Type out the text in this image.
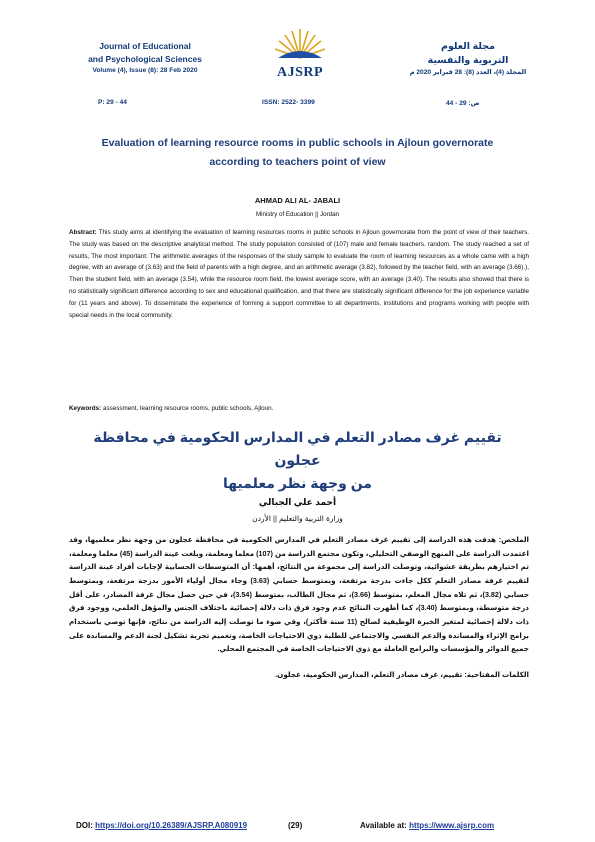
Journal of Educational
and Psychological Sciences
Volume (4), Issue (8): 28 Feb 2020
P: 29 - 44
AJSRP
ISSN: 2522- 3399
مجلة العلوم
التربوية والنفسية
المجلد (4)، العدد (8): 28 فبراير 2020 م
ص: 29 - 44
Evaluation of learning resource rooms in public schools in Ajloun governorate
according to teachers point of view
AHMAD ALI AL- JABALI
Ministry of Education || Jordan
Abstract: This study aims at identifying the evaluation of learning resources rooms in public schools in Ajloun governorate from the point of view of their teachers. The study was based on the descriptive analytical method. The study population consisted of (107) male and female teachers. random. The study reached a set of results, The most important: The arithmetic averages of the responses of the study sample to evaluate the room of learning resources as a whole came with a high degree, with an average of (3.63) and the field of parents with a high degree, and an arithmetic average (3.82), followed by the teacher field, with an average (3.66).), Then the student field, with an average (3.54), while the resource room field, the lowest average score, with an average (3.40). The results also showed that there is no statistically significant difference according to sex and educational qualification, and that there are statistically significant difference for the job experience variable for (11 years and above). To disseminate the experience of forming a support committee to all departments, institutions and programs working with people with special needs in the local community.
Keywords: assessment, learning resource rooms, public schools, Ajloun.
تقييم غرف مصادر التعلم في المدارس الحكومية في محافظة عجلون
من وجهة نظر معلميها
أحمد علي الجبالي
وزارة التربية والتعليم || الأردن
الملخص: هدفت هذه الدراسة إلى تقييم غرف مصادر التعلم في المدارس الحكومية في محافظة عجلون من وجهة نظر معلميها، وقد اعتمدت الدراسة على المنهج الوصفي التحليلي، وتكون مجتمع الدراسة من (107) معلما ومعلمة، وبلغت عينة الدراسة (45) معلما ومعلمة، تم اختيارهم بطريقة عشوائية، وتوصلت الدراسة إلى مجموعة من النتائج، أهمها: أن المتوسطات الحسابية لإجابات أفراد عينة الدراسة لتقييم غرفة مصادر التعلم ككل جاءت بدرجة مرتفعة، وبمتوسط حسابي (3.63) وجاء مجال أولياء الأمور بدرجة مرتفعة، وبمتوسط حسابي (3.82)، ثم تلاه مجال المعلم، بمتوسط (3.66)، ثم مجال الطالب، بمتوسط (3.54)، في حين حصل مجال غرفة المصادر، على أقل درجة متوسطة، وبمتوسط (3.40)، كما أظهرت النتائج عدم وجود فرق ذات دلالة إحصائية باختلاف الجنس والمؤهل العلمي، ووجود فرق ذات دلالة إحصائية لمتغير الخبرة الوظيفية لصالح (11 سنة فأكثر)، وفي ضوء ما توصلت إليه الدراسة من نتائج، فإنها توصي باستخدام برامج الإثراء والمساندة والدعم النفسي والاجتماعي للطلبة ذوي الاحتياجات الخاصة، وتعميم تجربة تشكيل لجنة الدعم والمساندة على جميع الدوائر والمؤسسات والبرامج العاملة مع ذوي الاحتياجات الخاصة في المجتمع المحلي.
الكلمات المفتاحية: تقييم، غرف مصادر التعلم، المدارس الحكومية، عجلون.
DOI: https://doi.org/10.26389/AJSRP.A080919	(29)	Available at: https://www.ajsrp.com
